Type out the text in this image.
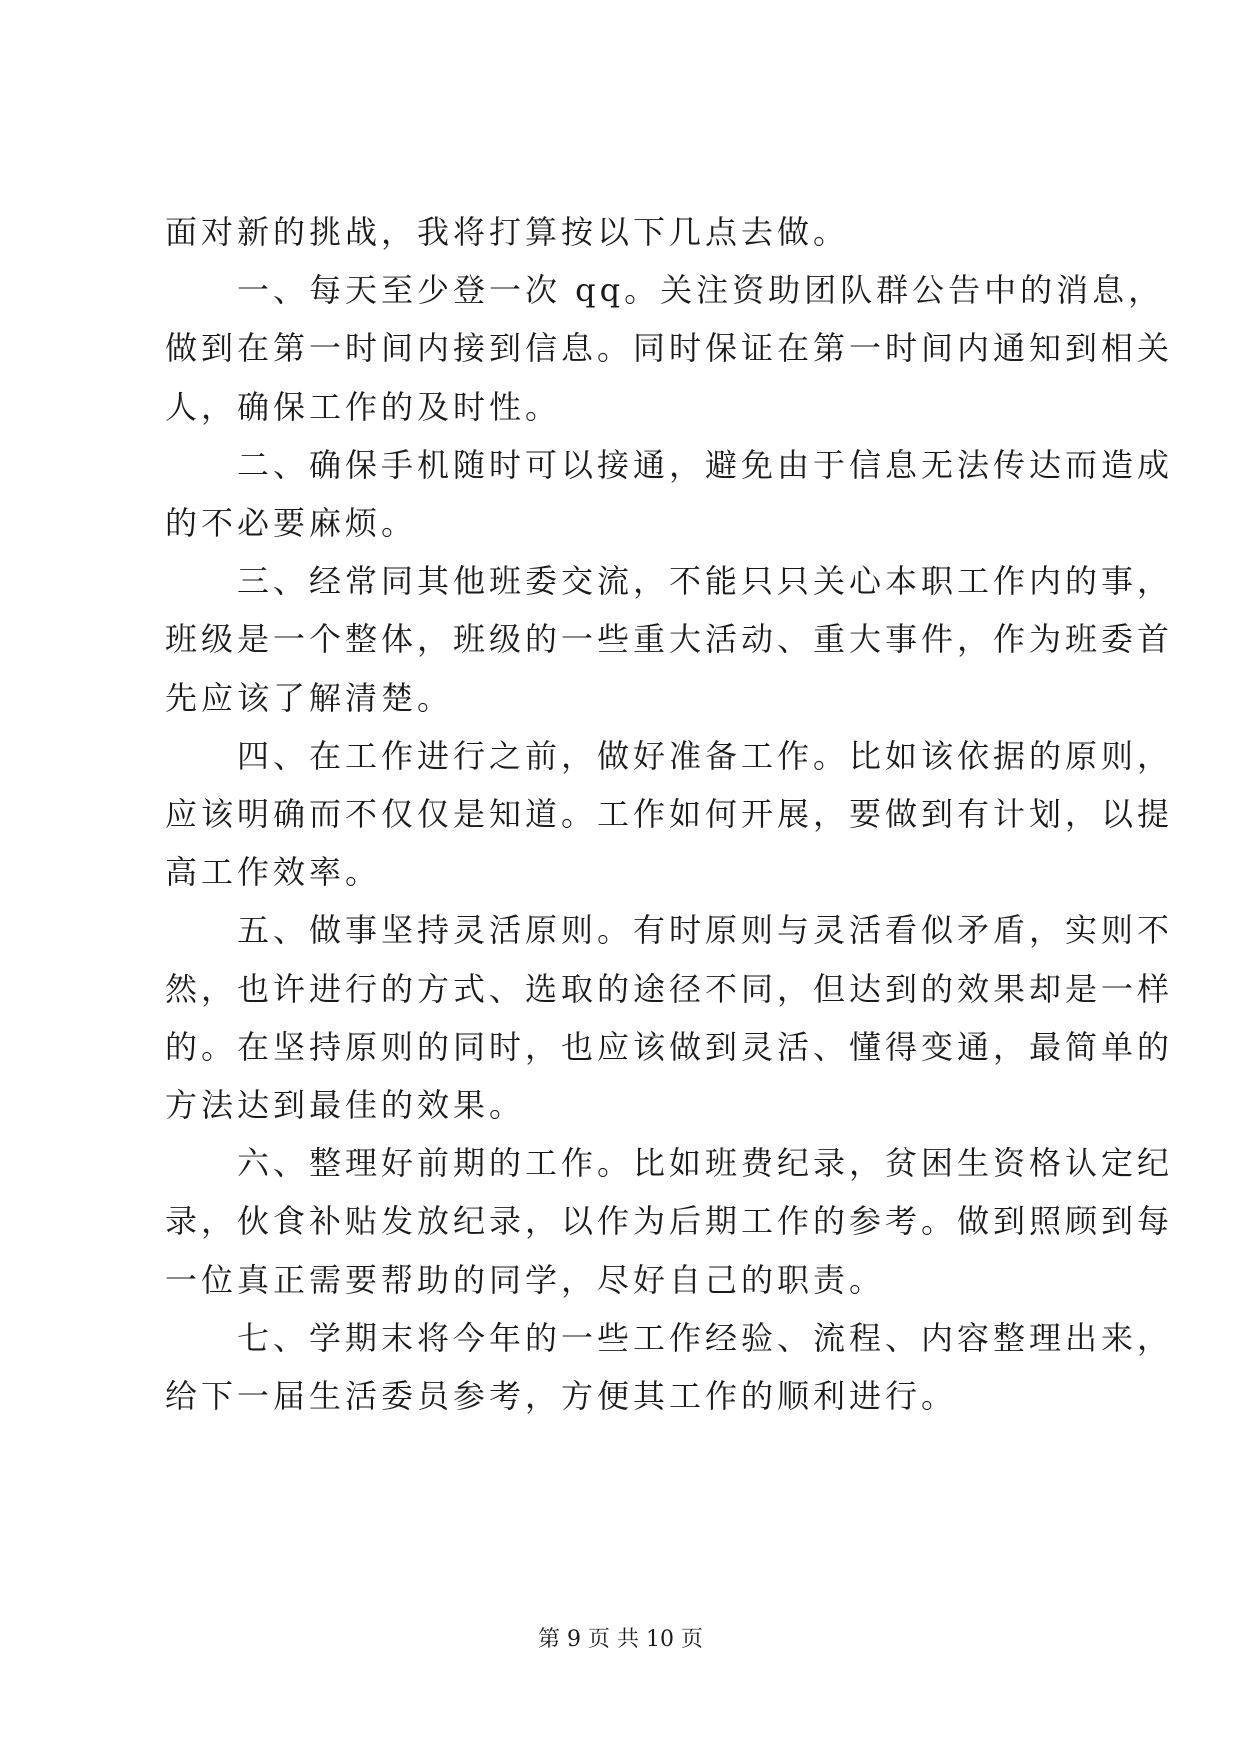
面对新的挑战，我将打算按以下几点去做。
　　一、每天至少登一次 qq。关注资助团队群公告中的消息，
做到在第一时间内接到信息。同时保证在第一时间内通知到相关
人，确保工作的及时性。
　　二、确保手机随时可以接通，避免由于信息无法传达而造成
的不必要麻烦。
　　三、经常同其他班委交流，不能只只关心本职工作内的事，
班级是一个整体，班级的一些重大活动、重大事件，作为班委首
先应该了解清楚。
　　四、在工作进行之前，做好准备工作。比如该依据的原则，
应该明确而不仅仅是知道。工作如何开展，要做到有计划，以提
高工作效率。
　　五、做事坚持灵活原则。有时原则与灵活看似矛盾，实则不
然，也许进行的方式、选取的途径不同，但达到的效果却是一样
的。在坚持原则的同时，也应该做到灵活、懂得变通，最简单的
方法达到最佳的效果。
　　六、整理好前期的工作。比如班费纪录，贫困生资格认定纪
录，伙食补贴发放纪录，以作为后期工作的参考。做到照顾到每
一位真正需要帮助的同学，尽好自己的职责。
　　七、学期末将今年的一些工作经验、流程、内容整理出来，
给下一届生活委员参考，方便其工作的顺利进行。
第 9 页 共 10 页
